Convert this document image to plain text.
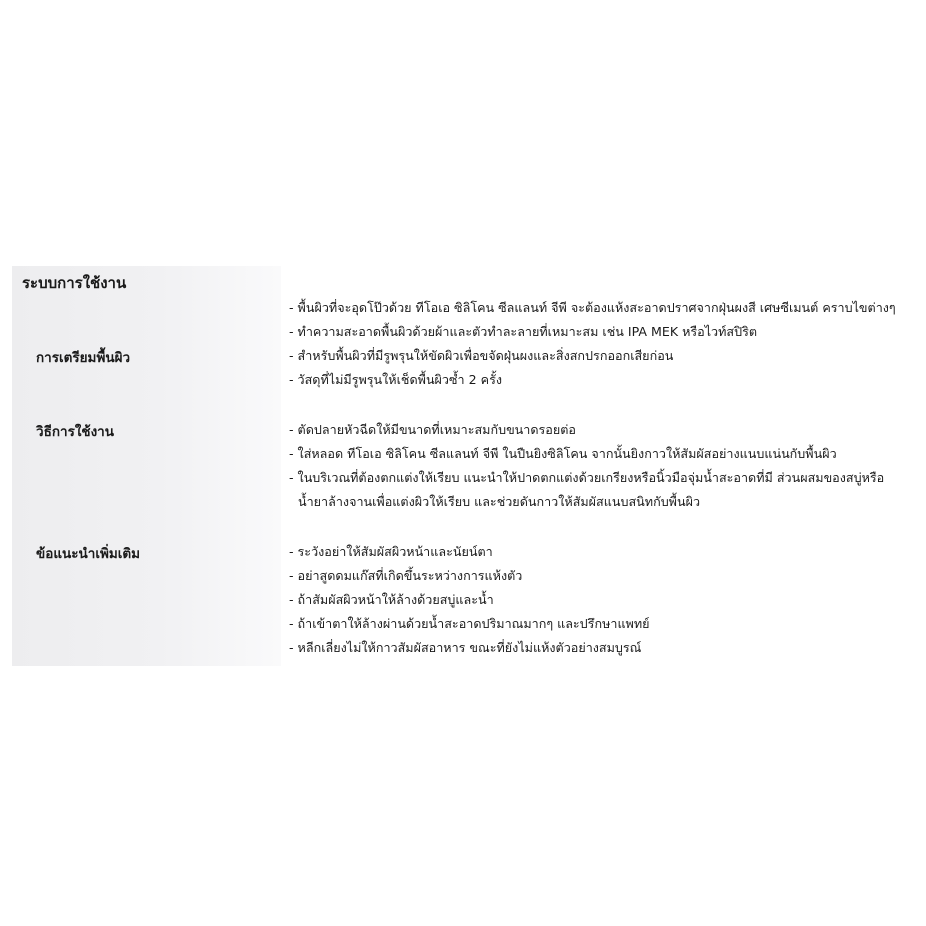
ระบบการใช้งาน
การเตรียมพื้นผิว
- พื้นผิวที่จะอุดโป๊วด้วย ทีโอเอ ซิลิโคน ซีลแลนท์ จีพี จะต้องแห้งสะอาดปราศจากฝุ่นผงสี เศษซีเมนต์ คราบไขต่างๆ
- ทำความสะอาดพื้นผิวด้วยผ้าและตัวทำละลายที่เหมาะสม เช่น IPA MEK หรือไวท์สปิริต
- สำหรับพื้นผิวที่มีรูพรุนให้ขัดผิวเพื่อขจัดฝุ่นผงและสิ่งสกปรกออกเสียก่อน
- วัสดุที่ไม่มีรูพรุนให้เช็ดพื้นผิวซ้ำ 2 ครั้ง
วิธีการใช้งาน	- ตัดปลายหัวฉีดให้มีขนาดที่เหมาะสมกับขนาดรอยต่อ
- ใส่หลอด ทีโอเอ ซิลิโคน ซีลแลนท์ จีพี ในปืนยิงซิลิโคน จากนั้นยิงกาวให้สัมผัสอย่างแนบแน่นกับพื้นผิว
- ในบริเวณที่ต้องตกแต่งให้เรียบ แนะนำให้ปาดตกแต่งด้วยเกรียงหรือนิ้วมือจุ่มน้ำสะอาดที่มี ส่วนผสมของสบู่หรือ
น้ำยาล้างจานเพื่อแต่งผิวให้เรียบ และช่วยดันกาวให้สัมผัสแนบสนิทกับพื้นผิว
ข้อแนะนำเพิ่มเติม	- ระวังอย่าให้สัมผัสผิวหน้าและนัยน์ตา
- อย่าสูดดมแก๊สที่เกิดขึ้นระหว่างการแห้งตัว
- ถ้าสัมผัสผิวหน้าให้ล้างด้วยสบู่และน้ำ
- ถ้าเข้าตาให้ล้างผ่านด้วยน้ำสะอาดปริมาณมากๆ และปรึกษาแพทย์
- หลีกเลี่ยงไม่ให้กาวสัมผัสอาหาร ขณะที่ยังไม่แห้งตัวอย่างสมบูรณ์
